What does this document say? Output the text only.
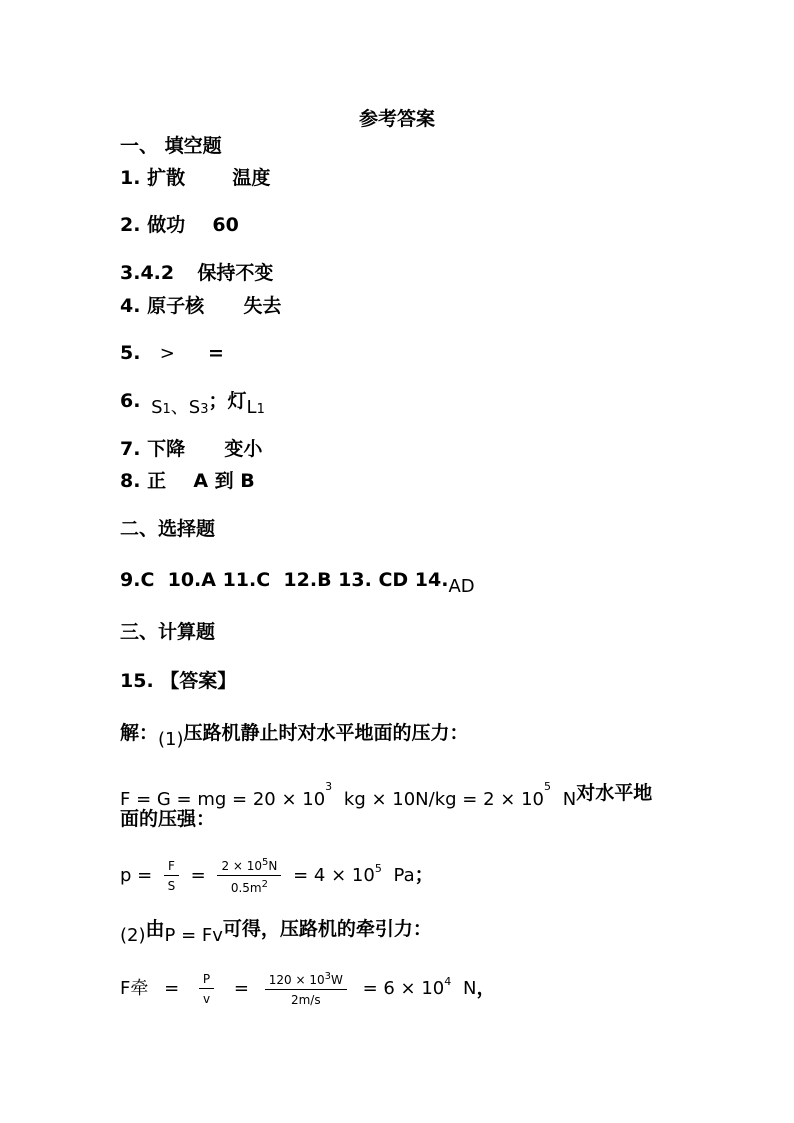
参考答案
一、 填空题
1. 扩散 温度
2. 做功 60
3.4.2 保持不变
4. 原子核 失去
5. > =
6. $S_1$、$S_3$；灯$L_1$
7. 下降 变小
8. 正 A 到 B
二、选择题
9.C  10.A 11.C  12.B 13. CD 14.AD
三、计算题
15. 【答案】
解：(1)压路机静止时对水平地面的压力：
F = G = mg = $20 \times 10^3$ kg × $10N/kg = 2 \times 10^5$ N对水平地
面的压强：
$p = \frac{F}{S} = \frac{2 \times 10^5N}{0.5m^2} = 4 \times 10^5$ Pa；
(2)由P = Fv可得，压路机的牵引力：
F牵 = $\frac{P}{v} = \frac{120 \times 10^3W}{2m/s} = 6 \times 10^4$ N，
